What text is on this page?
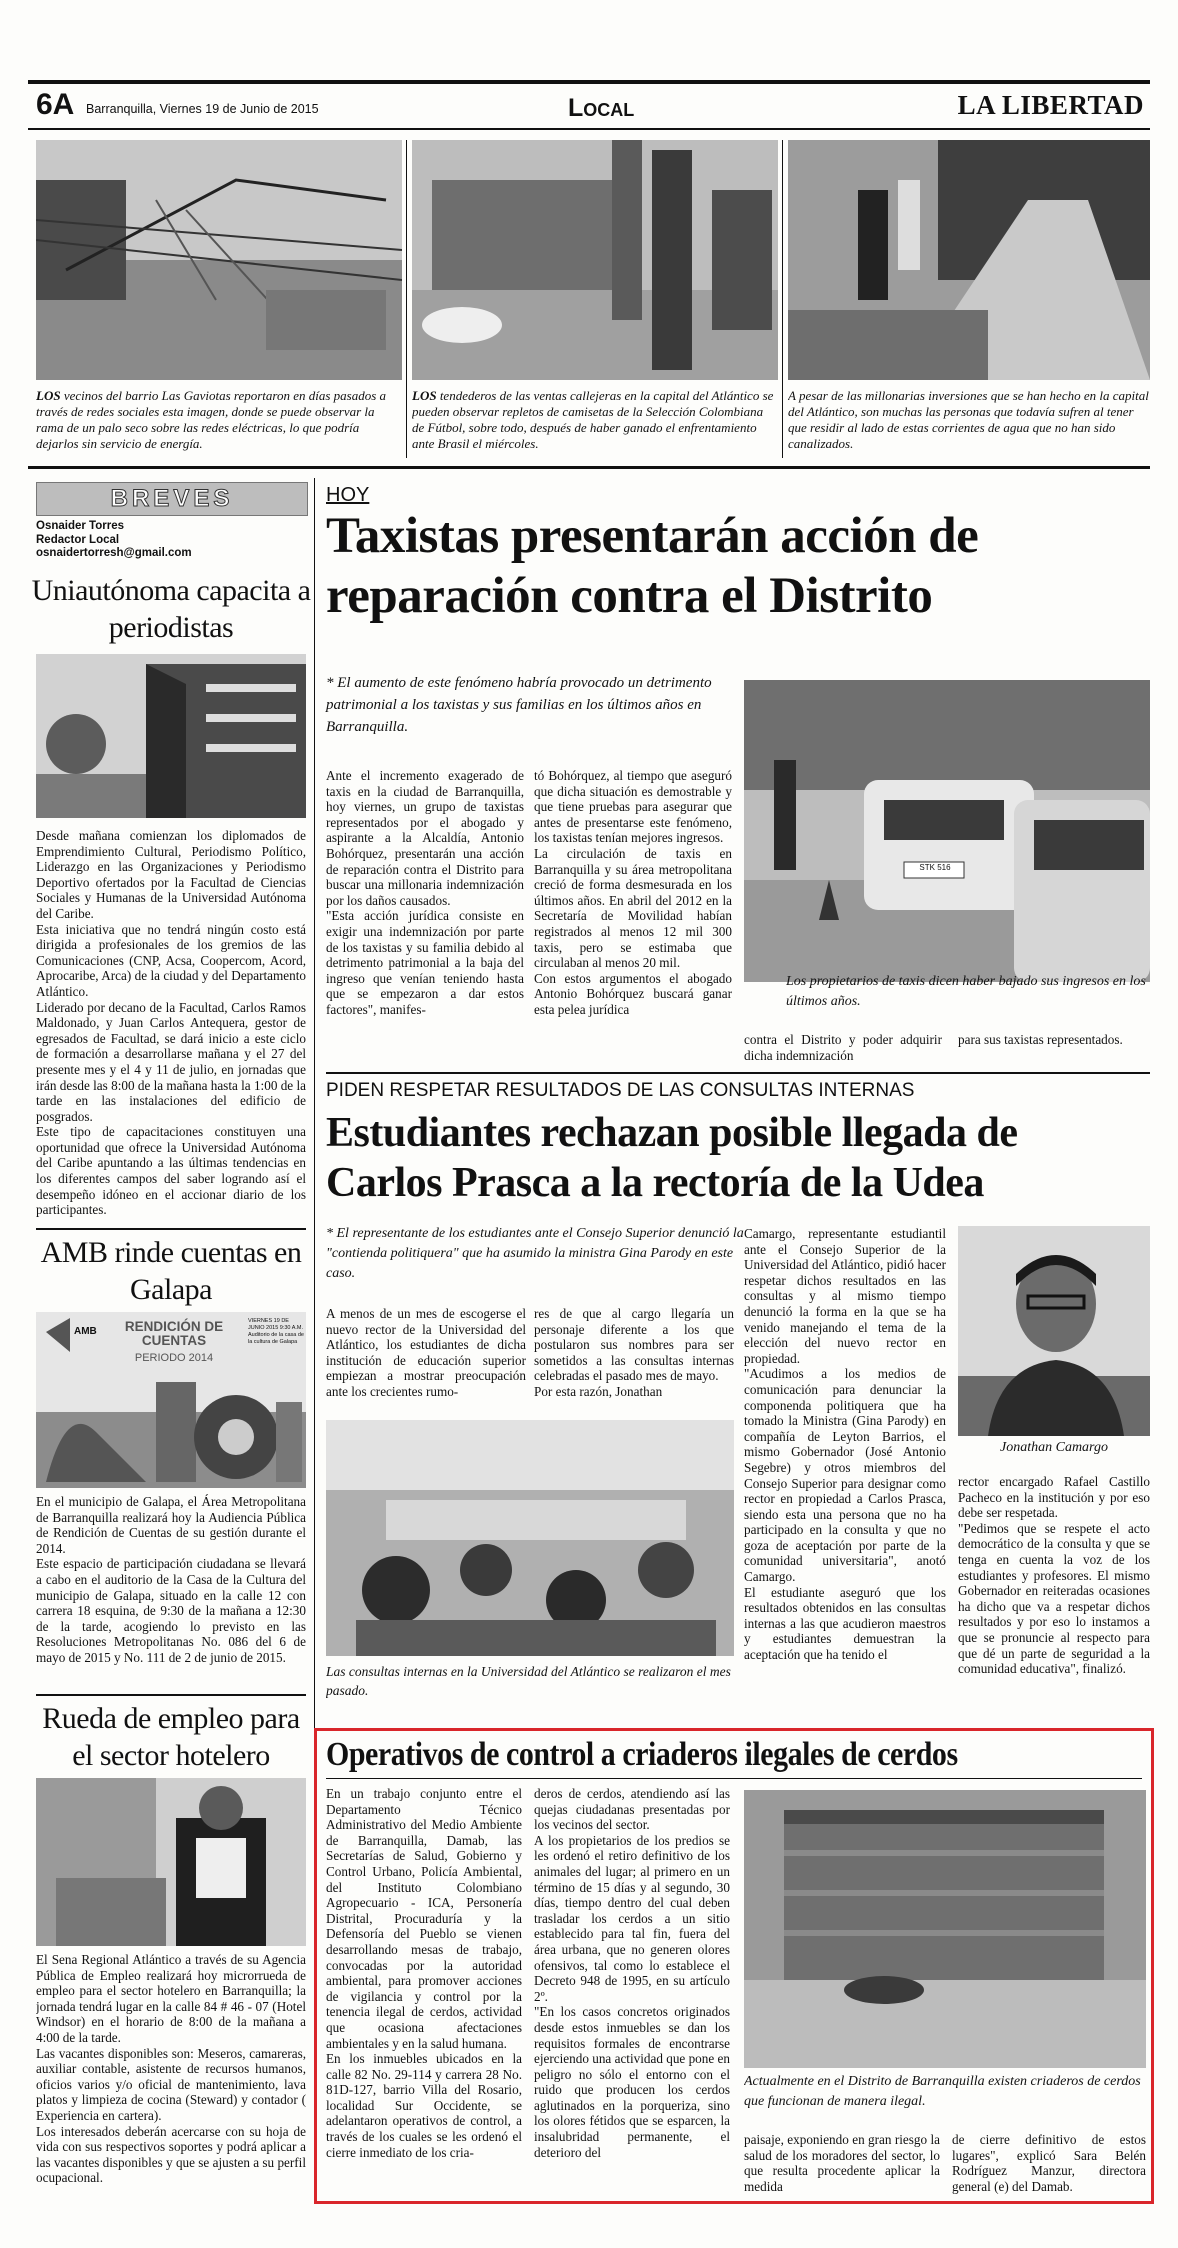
6A Barranquilla, Viernes 19 de Junio de 2015	Local	LA LIBERTAD
LOS vecinos del barrio Las Gaviotas reportaron en días pasados a través de redes sociales esta imagen, donde se puede observar la rama de un palo seco sobre las redes eléctricas, lo que podría dejarlos sin servicio de energía.
LOS tendederos de las ventas callejeras en la capital del Atlántico se pueden observar repletos de camisetas de la Selección Colombiana de Fútbol, sobre todo, después de haber ganado el enfrentamiento ante Brasil el miércoles.
A pesar de las millonarias inversiones que se han hecho en la capital del Atlántico, son muchas las personas que todavía sufren al tener que residir al lado de estas corrientes de agua que no han sido canalizados.
BREVES
Osnaider Torres
Redactor Local
osnaidertorresh@gmail.com
Uniautónoma capacita a periodistas
Desde mañana comienzan los diplomados de Emprendimiento Cultural, Periodismo Político, Liderazgo en las Organizaciones y Periodismo Deportivo ofertados por la Facultad de Ciencias Sociales y Humanas de la Universidad Autónoma del Caribe.
Esta iniciativa que no tendrá ningún costo está dirigida a profesionales de los gremios de las Comunicaciones (CNP, Acsa, Coopercom, Acord, Aprocaribe, Arca) de la ciudad y del Departamento Atlántico.
Liderado por decano de la Facultad, Carlos Ramos Maldonado, y Juan Carlos Antequera, gestor de egresados de Facultad, se dará inicio a este ciclo de formación a desarrollarse mañana y el 27 del presente mes y el 4 y 11 de julio, en jornadas que irán desde las 8:00 de la mañana hasta la 1:00 de la tarde en las instalaciones del edificio de posgrados.
Este tipo de capacitaciones constituyen una oportunidad que ofrece la Universidad Autónoma del Caribe apuntando a las últimas tendencias en los diferentes campos del saber logrando así el desempeño idóneo en el accionar diario de los participantes.
AMB rinde cuentas en Galapa
AMB	RENDICIÓN DE CUENTAS
PERIODO 2014
VIERNES 19 DE JUNIO 2015 9:30 A.M. Auditorio de la casa de la cultura de Galapa
En el municipio de Galapa, el Área Metropolitana de Barranquilla realizará hoy la Audiencia Pública de Rendición de Cuentas de su gestión durante el 2014.
Este espacio de participación ciudadana se llevará a cabo en el auditorio de la Casa de la Cultura del municipio de Galapa, situado en la calle 12 con carrera 18 esquina, de 9:30 de la mañana a 12:30 de la tarde, acogiendo lo previsto en las Resoluciones Metropolitanas No. 086 del 6 de mayo de 2015 y No. 111 de 2 de junio de 2015.
Rueda de empleo para el sector hotelero
El Sena Regional Atlántico a través de su Agencia Pública de Empleo realizará hoy microrrueda de empleo para el sector hotelero en Barranquilla; la jornada tendrá lugar en la calle 84 # 46 - 07 (Hotel Windsor) en el horario de 8:00 de la mañana a 4:00 de la tarde.
Las vacantes disponibles son: Meseros, camareras, auxiliar contable, asistente de recursos humanos, oficios varios y/o oficial de mantenimiento, lava platos y limpieza de cocina (Steward) y contador ( Experiencia en cartera).
Los interesados deberán acercarse con su hoja de vida con sus respectivos soportes y podrá aplicar a las vacantes disponibles y que se ajusten a su perfil ocupacional.
HOY
Taxistas presentarán acción de
reparación contra el Distrito
* El aumento de este fenómeno habría provocado un detrimento patrimonial a los taxistas y sus familias en los últimos años en Barranquilla.
Ante el incremento exagerado de taxis en la ciudad de Barranquilla, hoy viernes, un grupo de taxistas representados por el abogado y aspirante a la Alcaldía, Antonio Bohórquez, presentarán una acción de reparación contra el Distrito para buscar una millonaria indemnización por los daños causados.
"Esta acción jurídica consiste en exigir una indemnización por parte de los taxistas y su familia debido al detrimento patrimonial a la baja del ingreso que venían teniendo hasta que se empezaron a dar estos factores", manifes-
tó Bohórquez, al tiempo que aseguró que dicha situación es demostrable y que tiene pruebas para asegurar que antes de presentarse este fenómeno, los taxistas tenían mejores ingresos.
La circulación de taxis en Barranquilla y su área metropolitana creció de forma desmesurada en los últimos años. En abril del 2012 en la Secretaría de Movilidad habían registrados al menos 12 mil 300 taxis, pero se estimaba que circulaban al menos 20 mil.
Con estos argumentos el abogado Antonio Bohórquez buscará ganar esta pelea jurídica
STK 516
Los propietarios de taxis dicen haber bajado sus ingresos en los últimos años.
contra el Distrito y poder adquirir dicha indemnización
para sus taxistas representados.
PIDEN RESPETAR RESULTADOS DE LAS CONSULTAS INTERNAS
Estudiantes rechazan posible llegada de
Carlos Prasca a la rectoría de la Udea
* El representante de los estudiantes ante el Consejo Superior denunció la "contienda politiquera" que ha asumido la ministra Gina Parody en este caso.
A menos de un mes de escogerse el nuevo rector de la Universidad del Atlántico, los estudiantes de dicha institución de educación superior empiezan a mostrar preocupación ante los crecientes rumo-
res de que al cargo llegaría un personaje diferente a los que postularon sus nombres para ser sometidos a las consultas internas celebradas el pasado mes de mayo.
Por esta razón, Jonathan
Las consultas internas en la Universidad del Atlántico se realizaron el mes pasado.
Camargo, representante estudiantil ante el Consejo Superior de la Universidad del Atlántico, pidió hacer respetar dichos resultados en las consultas y al mismo tiempo denunció la forma en la que se ha venido manejando el tema de la elección del nuevo rector en propiedad.
"Acudimos a los medios de comunicación para denunciar la componenda politiquera que ha tomado la Ministra (Gina Parody) en compañía de Leyton Barrios, el mismo Gobernador (José Antonio Segebre) y otros miembros del Consejo Superior para designar como rector en propiedad a Carlos Prasca, siendo esta una persona que no ha participado en la consulta y que no goza de aceptación por parte de la comunidad universitaria", anotó Camargo.
El estudiante aseguró que los resultados obtenidos en las consultas internas a las que acudieron maestros y estudiantes demuestran la aceptación que ha tenido el
Jonathan Camargo
rector encargado Rafael Castillo Pacheco en la institución y por eso debe ser respetada.
"Pedimos que se respete el acto democrático de la consulta y que se tenga en cuenta la voz de los estudiantes y profesores. El mismo Gobernador en reiteradas ocasiones ha dicho que va a respetar dichos resultados y por eso lo instamos a que se pronuncie al respecto para que dé un parte de seguridad a la comunidad educativa", finalizó.
Operativos de control a criaderos ilegales de cerdos
En un trabajo conjunto entre el Departamento Técnico Administrativo del Medio Ambiente de Barranquilla, Damab, las Secretarías de Salud, Gobierno y Control Urbano, Policía Ambiental, del Instituto Colombiano Agropecuario - ICA, Personería Distrital, Procuraduría y la Defensoría del Pueblo se vienen desarrollando mesas de trabajo, convocadas por la autoridad ambiental, para promover acciones de vigilancia y control por la tenencia ilegal de cerdos, actividad que ocasiona afectaciones ambientales y en la salud humana.
En los inmuebles ubicados en la calle 82 No. 29-114 y carrera 28 No. 81D-127, barrio Villa del Rosario, localidad Sur Occidente, se adelantaron operativos de control, a través de los cuales se les ordenó el cierre inmediato de los cria-
deros de cerdos, atendiendo así las quejas ciudadanas presentadas por los vecinos del sector.
A los propietarios de los predios se les ordenó el retiro definitivo de los animales del lugar; al primero en un término de 15 días y al segundo, 30 días, tiempo dentro del cual deben trasladar los cerdos a un sitio establecido para tal fin, fuera del área urbana, que no generen olores ofensivos, tal como lo establece el Decreto 948 de 1995, en su artículo 2º.
"En los casos concretos originados desde estos inmuebles se dan los requisitos formales de encontrarse ejerciendo una actividad que pone en peligro no sólo el entorno con el ruido que producen los cerdos aglutinados en la porqueriza, sino los olores fétidos que se esparcen, la insalubridad permanente, el deterioro del
Actualmente en el Distrito de Barranquilla existen criaderos de cerdos que funcionan de manera ilegal.
paisaje, exponiendo en gran riesgo la salud de los moradores del sector, lo que resulta procedente aplicar la medida
de cierre definitivo de estos lugares", explicó Sara Belén Rodríguez Manzur, directora general (e) del Damab.
